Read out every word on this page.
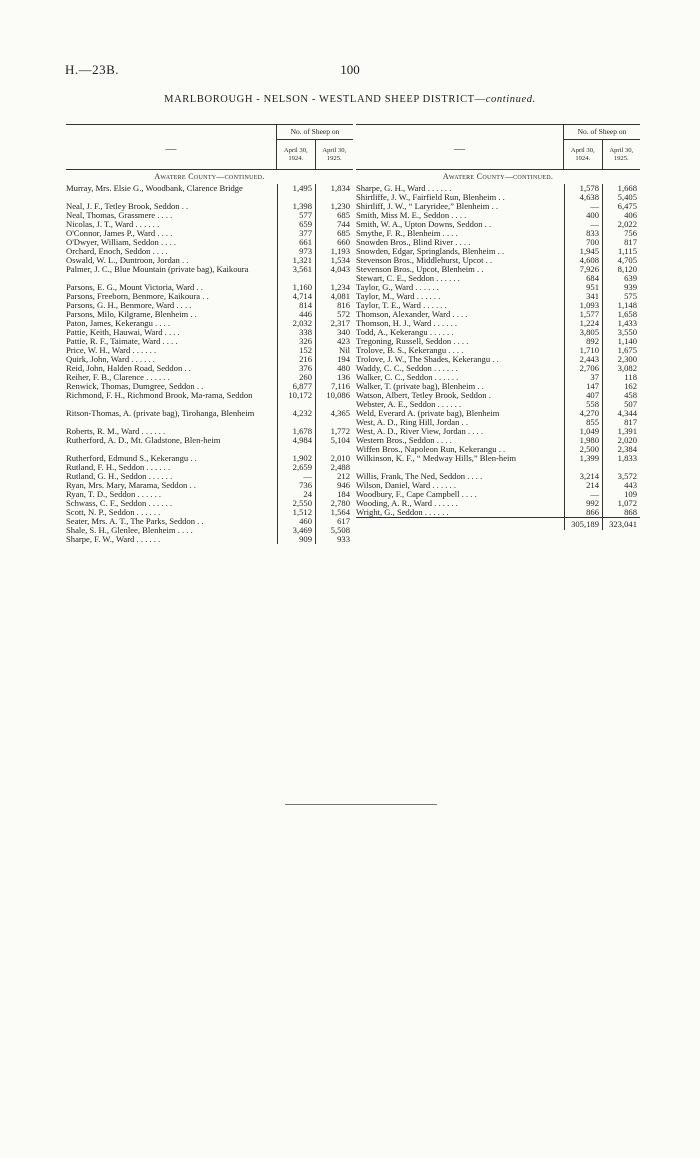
H.—23B.	100
MARLBOROUGH - NELSON - WESTLAND SHEEP DISTRICT—continued.
—
No. of Sheep on
April 30,
1924.
April 30,
1925.
Awatere County—continued.
Murray, Mrs. Elsie G., Woodbank, Clarence Bridge	1,495	1,834
Neal, J. F., Tetley Brook, Seddon . .	1,398	1,230
Neal, Thomas, Grassmere . . . .	577	685
Nicolas, J. T., Ward . . . . . .	659	744
O'Connor, James P., Ward . . . .	377	685
O'Dwyer, William, Seddon . . . .	661	660
Orchard, Enoch, Seddon . . . .	973	1,193
Oswald, W. L., Duntroon, Jordan . .	1,321	1,534
Palmer, J. C., Blue Mountain (private bag), Kaikoura	3,561	4,043
Parsons, E. G., Mount Victoria, Ward . .	1,160	1,234
Parsons, Freeborn, Benmore, Kaikoura . .	4,714	4,081
Parsons, G. H., Benmore, Ward . . . .	814	816
Parsons, Milo, Kilgrame, Blenheim . .	446	572
Paton, James, Kekerangu . . . .	2,032	2,317
Pattie, Keith, Hauwai, Ward . . . .	338	340
Pattie, R. F., Taimate, Ward . . . .	326	423
Price, W. H., Ward . . . . . .	152	Nil
Quirk, John, Ward . . . . . .	216	194
Reid, John, Halden Road, Seddon . .	376	480
Reiher, F. B., Clarence . . . . . .	260	136
Renwick, Thomas, Dumgree, Seddon . .	6,877	7,116
Richmond, F. H., Richmond Brook, Ma-rama, Seddon	10,172	10,086
Ritson-Thomas, A. (private bag), Tirohanga, Blenheim	4,232	4,365
Roberts, R. M., Ward . . . . . .	1,678	1,772
Rutherford, A. D., Mt. Gladstone, Blen-heim	4,984	5,104
Rutherford, Edmund S., Kekerangu . .	1,902	2,010
Rutland, F. H., Seddon . . . . . .	2,659	2,488
Rutland, G. H., Seddon . . . . . .	—	212
Ryan, Mrs. Mary, Marama, Seddon . .	736	946
Ryan, T. D., Seddon . . . . . .	24	184
Schwass, C. F., Seddon . . . . . .	2,550	2,780
Scott, N. P., Seddon . . . . . .	1,512	1,564
Seater, Mrs. A. T., The Parks, Seddon . .	460	617
Shale, S. H., Glenlee, Blenheim . . . .	3,469	5,508
Sharpe, F. W., Ward . . . . . .	909	933
—
No. of Sheep on
April 30,
1924.
April 30,
1925.
Awatere County—continued.
Sharpe, G. H., Ward . . . . . .	1,578	1,668
Shirtliffe, J. W., Fairfield Run, Blenheim . .	4,638	5,405
Shirtliff, J. W., “ Laryridee,” Blenheim . .	—	6,475
Smith, Miss M. E., Seddon . . . .	400	406
Smith, W. A., Upton Downs, Seddon . .	—	2,022
Smythe, F. R., Blenheim . . . .	833	756
Snowden Bros., Blind River . . . .	700	817
Snowden, Edgar, Springlands, Blenheim . .	1,945	1,115
Stevenson Bros., Middlehurst, Upcot . .	4,608	4,705
Stevenson Bros., Upcot, Blenheim . .	7,926	8,120
Stewart, C. E., Seddon . . . . . .	684	639
Taylor, G., Ward . . . . . .	951	939
Taylor, M., Ward . . . . . .	341	575
Taylor, T. E., Ward . . . . . .	1,093	1,148
Thomson, Alexander, Ward . . . .	1,577	1,658
Thomson, H. J., Ward . . . . . .	1,224	1,433
Todd, A., Kekerangu . . . . . .	3,805	3,550
Tregoning, Russell, Seddon . . . .	892	1,140
Trolove, B. S., Kekerangu . . . .	1,710	1,675
Trolove, J. W., The Shades, Kekerangu . .	2,443	2,300
Waddy, C. C., Seddon . . . . . .	2,706	3,082
Walker, C. C., Seddon . . . . . .	37	118
Walker, T. (private bag), Blenheim . .	147	162
Watson, Albert, Tetley Brook, Seddon .	407	458
Webster, A. E., Seddon . . . . . .	558	507
Weld, Everard A. (private bag), Blenheim	4,270	4,344
West, A. D., Ring Hill, Jordan . .	855	817
West, A. D., River View, Jordan . . . .	1,049	1,391
Western Bros., Seddon . . . .	1,980	2,020
Wiffen Bros., Napoleon Run, Kekerangu . .	2,500	2,384
Wilkinson, K. F., “ Medway Hills,” Blen-heim	1,399	1,833
Willis, Frank, The Ned, Seddon . . . .	3,214	3,572
Wilson, Daniel, Ward . . . . . .	214	443
Woodbury, F., Cape Campbell . . . .	—	109
Wooding, A. R., Ward . . . . . .	992	1,072
Wright, G., Seddon . . . . . .	866	868
305,189	323,041
